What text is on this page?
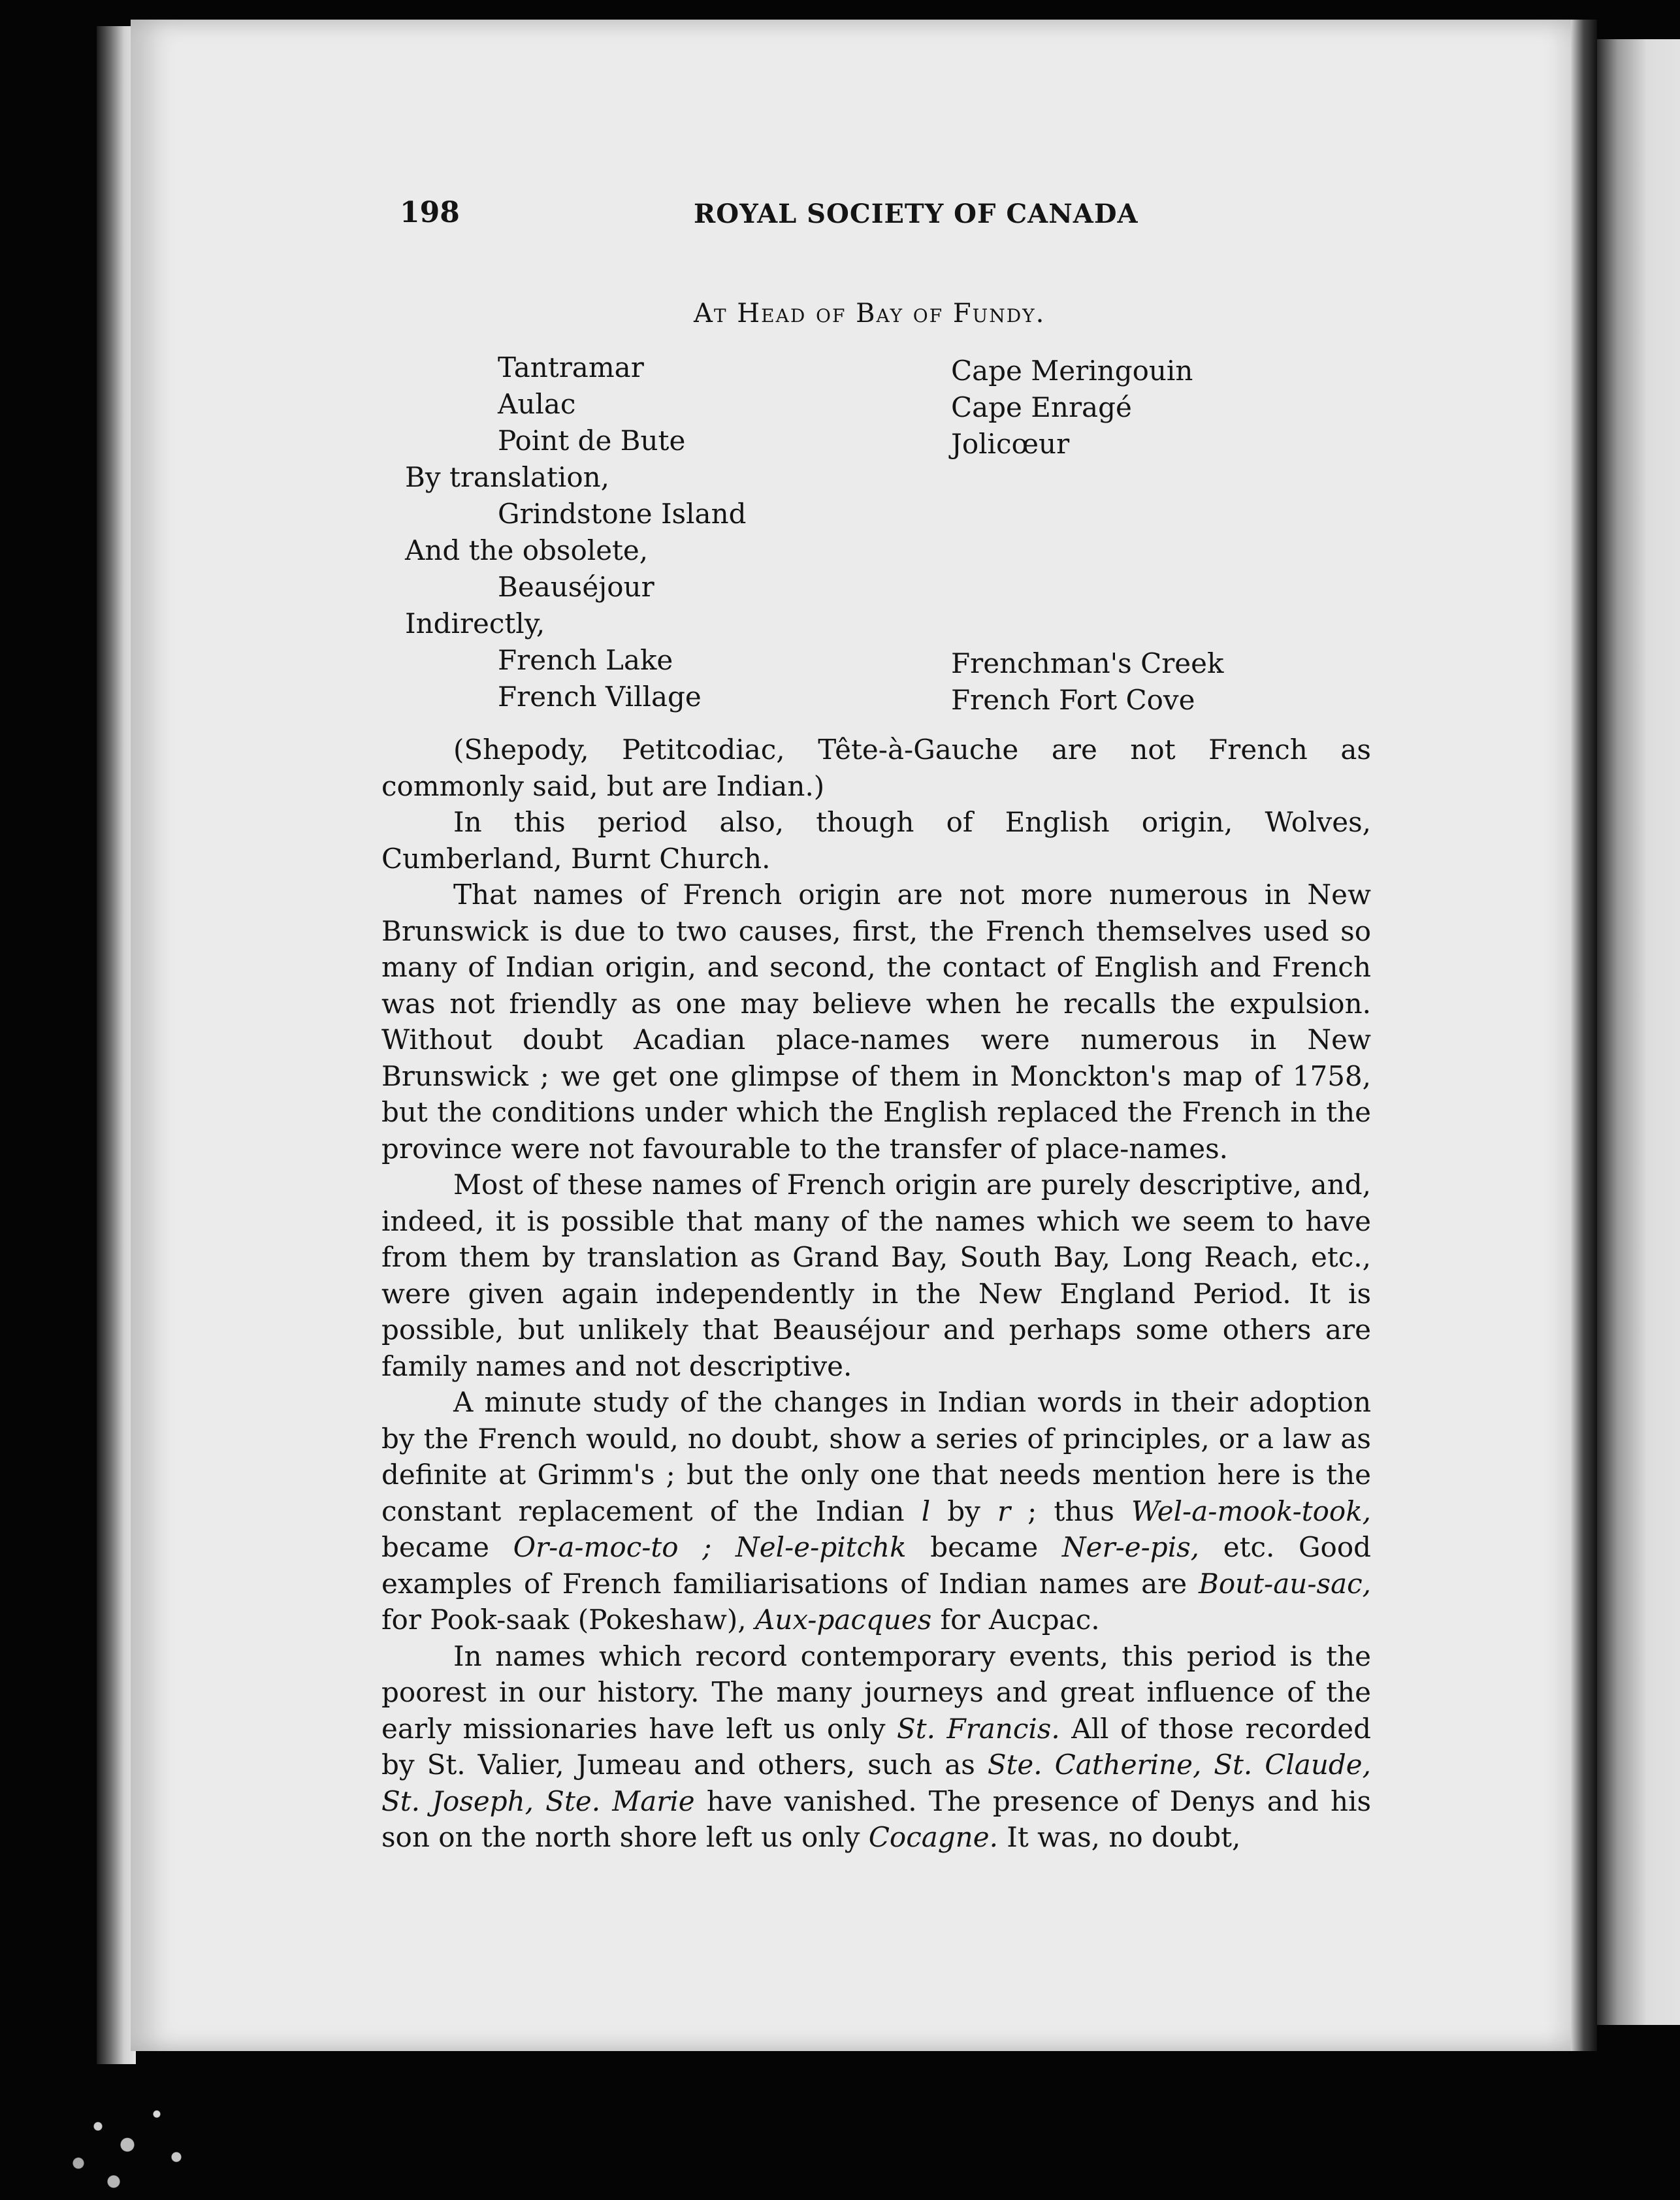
198	ROYAL SOCIETY OF CANADA
At Head of Bay of Fundy.
Tantramar
Aulac
Point de Bute
By translation,
Grindstone Island
And the obsolete,
Beauséjour
Indirectly,
French Lake
French Village
Cape Meringouin
Cape Enragé
Jolicœur
Frenchman's Creek
French Fort Cove

(Shepody, Petitcodiac, Tête-à-Gauche are not French as commonly said, but are Indian.)

In this period also, though of English origin, Wolves, Cumberland, Burnt Church.

That names of French origin are not more numerous in New Brunswick is due to two causes, first, the French themselves used so many of Indian origin, and second, the contact of English and French was not friendly as one may believe when he recalls the expulsion. Without doubt Acadian place-names were numerous in New Brunswick ; we get one glimpse of them in Monckton's map of 1758, but the conditions under which the English replaced the French in the province were not favourable to the transfer of place-names.

Most of these names of French origin are purely descriptive, and, indeed, it is possible that many of the names which we seem to have from them by translation as Grand Bay, South Bay, Long Reach, etc., were given again independently in the New England Period. It is possible, but unlikely that Beauséjour and perhaps some others are family names and not descriptive.

A minute study of the changes in Indian words in their adoption by the French would, no doubt, show a series of principles, or a law as definite at Grimm's ; but the only one that needs mention here is the constant replacement of the Indian l by r ; thus Wel-a-mook-took, became Or-a-moc-to ; Nel-e-pitchk became Ner-e-pis, etc. Good examples of French familiarisations of Indian names are Bout-au-sac, for Pook-saak (Pokeshaw), Aux-pacques for Aucpac.

In names which record contemporary events, this period is the poorest in our history. The many journeys and great influence of the early missionaries have left us only St. Francis. All of those recorded by St. Valier, Jumeau and others, such as Ste. Catherine, St. Claude, St. Joseph, Ste. Marie have vanished. The presence of Denys and his son on the north shore left us only Cocagne. It was, no doubt,
